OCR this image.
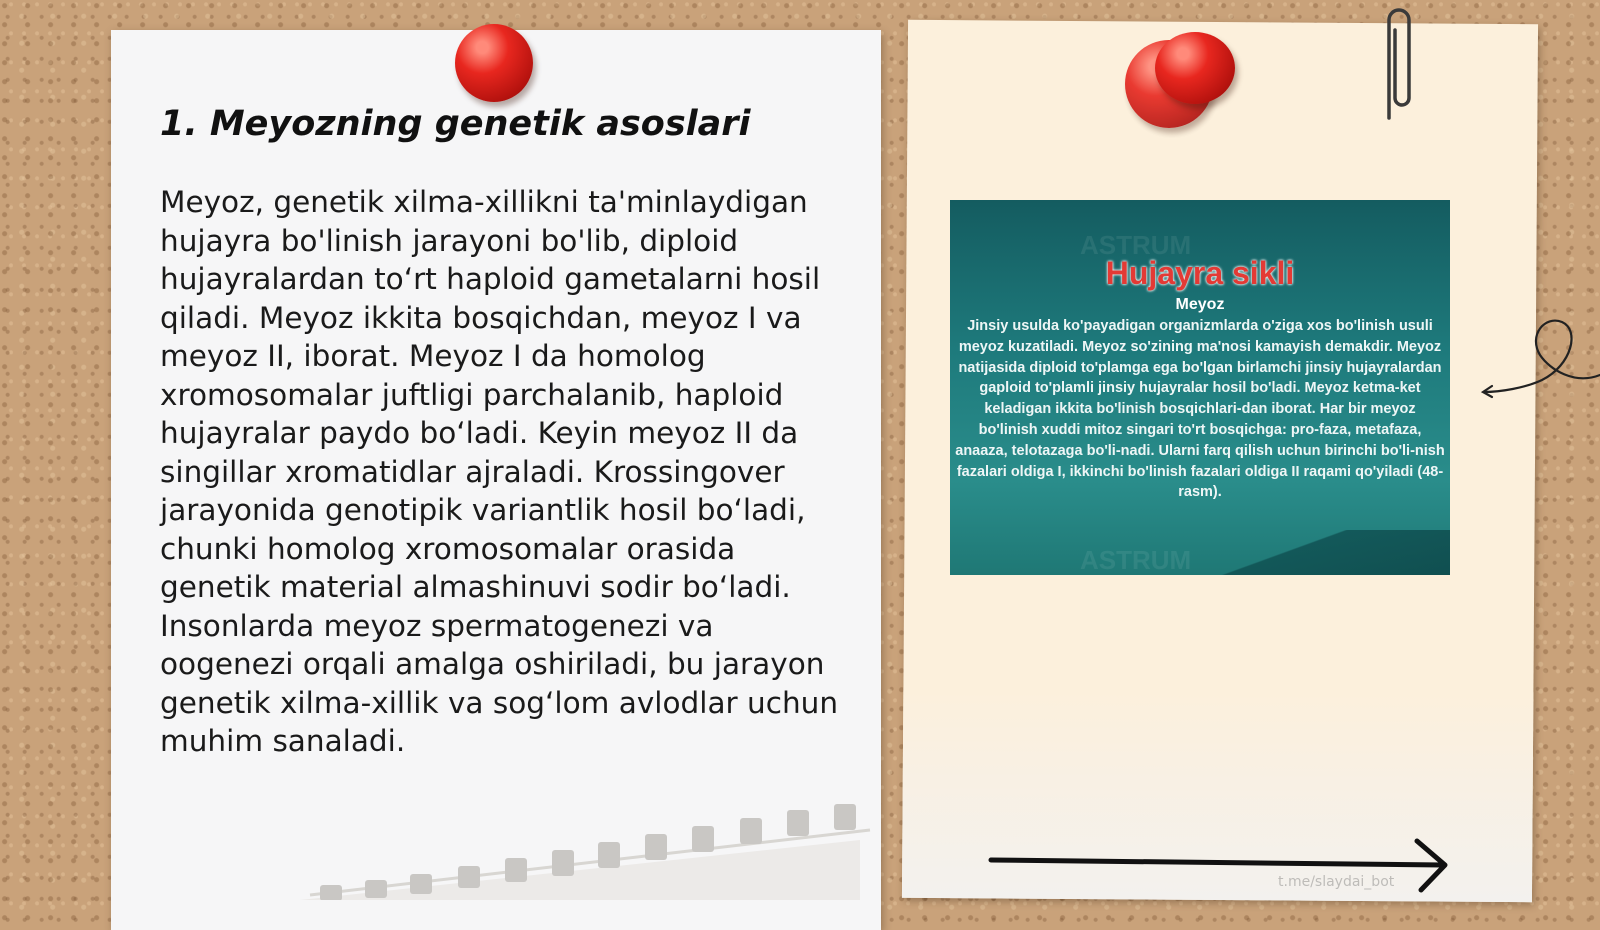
1. Meyozning genetik asoslari

Meyoz, genetik xilma-xillikni ta'minlaydigan hujayra bo'linish jarayoni bo'lib, diploid hujayralardan to‘rt haploid gametalarni hosil qiladi. Meyoz ikkita bosqichdan, meyoz I va meyoz II, iborat. Meyoz I da homolog xromosomalar juftligi parchalanib, haploid hujayralar paydo bo‘ladi. Keyin meyoz II da singillar xromatidlar ajraladi. Krossingover jarayonida genotipik variantlik hosil bo‘ladi, chunki homolog xromosomalar orasida genetik material almashinuvi sodir bo‘ladi. Insonlarda meyoz spermatogenezi va oogenezi orqali amalga oshiriladi, bu jarayon genetik xilma-xillik va sog‘lom avlodlar uchun muhim sanaladi.

ASTRUM
ASTRUM
Hujayra sikli
Meyoz
Jinsiy usulda ko'payadigan organizmlarda o'ziga xos bo'linish usuli meyoz kuzatiladi. Meyoz so'zining ma'nosi kamayish demakdir. Meyoz natijasida diploid to'plamga ega bo'lgan birlamchi jinsiy hujayralardan gaploid to'plamli jinsiy hujayralar hosil bo'ladi. Meyoz ketma-ket keladigan ikkita bo'linish bosqichlari-dan iborat. Har bir meyoz bo'linish xuddi mitoz singari to'rt bosqichga: pro-faza, metafaza, anaaza, telotazaga bo'li-nadi. Ularni farq qilish uchun birinchi bo'li-nish fazalari oldiga I, ikkinchi bo'linish fazalari oldiga II raqami qo'yiladi (48-rasm).
t.me/slaydai_bot
